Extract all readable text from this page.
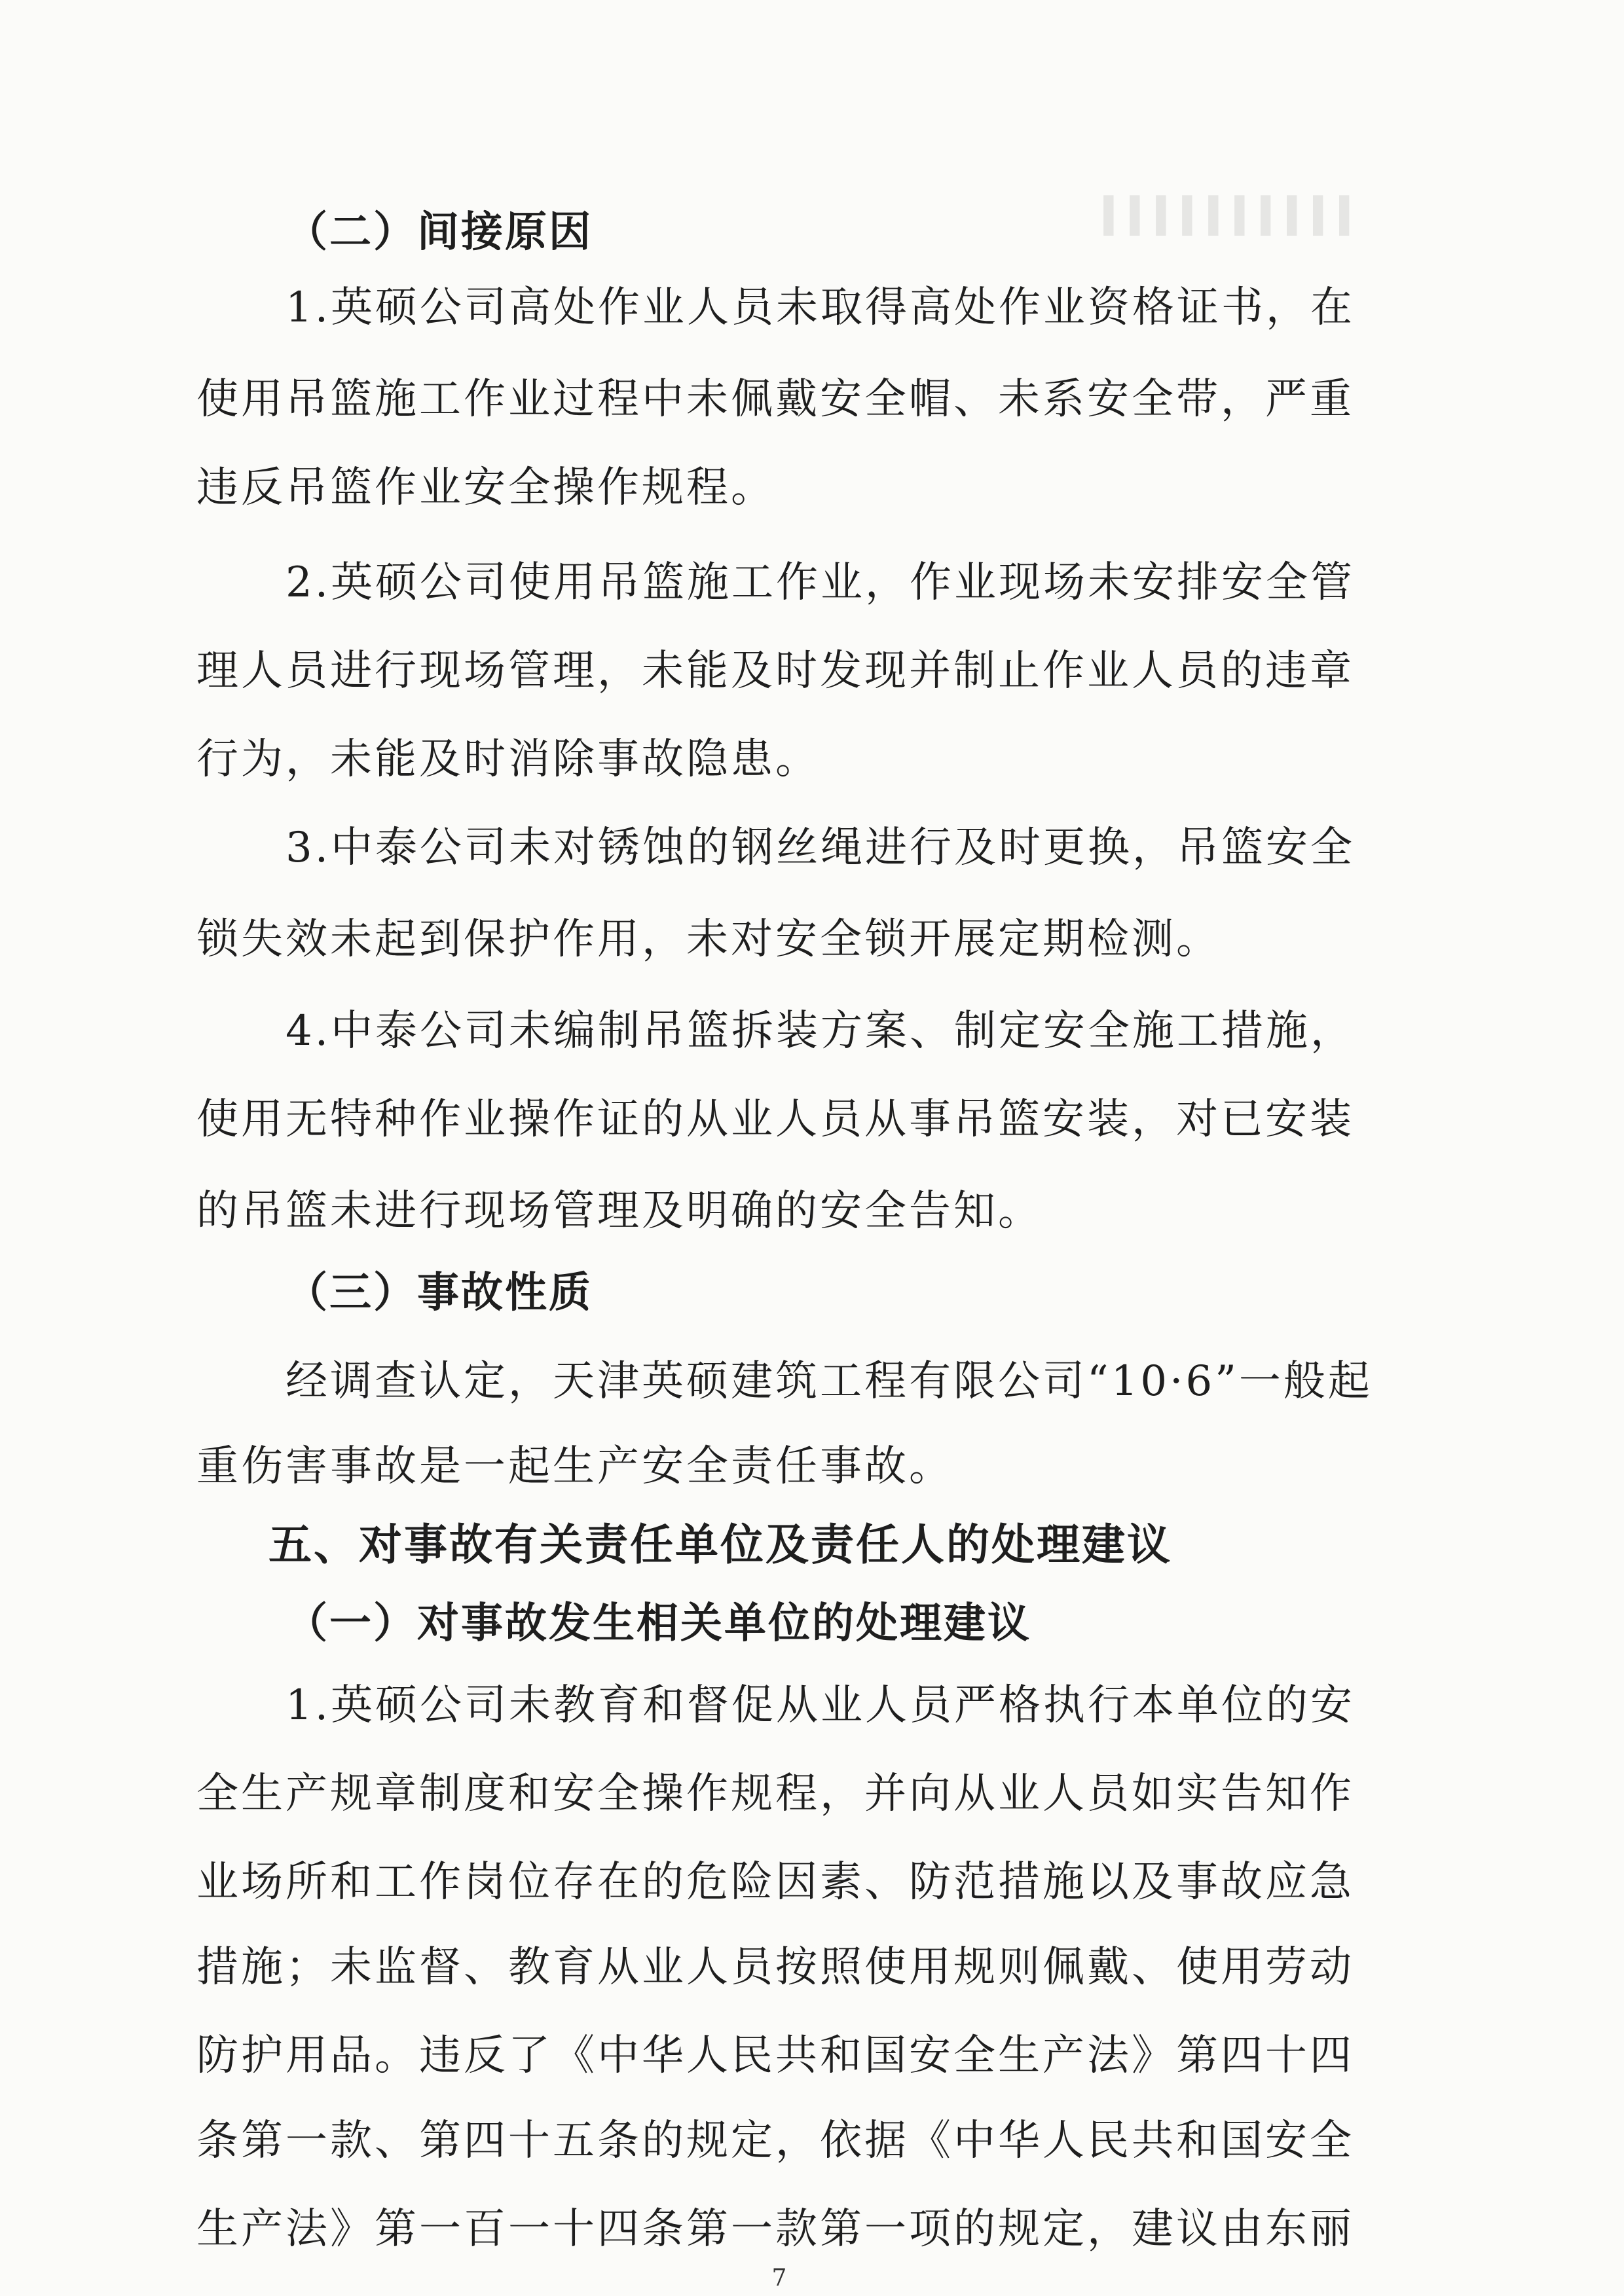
▍▍▍▍▍▍▍▍▍▍
（二）间接原因
1.英硕公司高处作业人员未取得高处作业资格证书，在
使用吊篮施工作业过程中未佩戴安全帽、未系安全带，严重
违反吊篮作业安全操作规程。
2.英硕公司使用吊篮施工作业，作业现场未安排安全管
理人员进行现场管理，未能及时发现并制止作业人员的违章
行为，未能及时消除事故隐患。
3.中泰公司未对锈蚀的钢丝绳进行及时更换，吊篮安全
锁失效未起到保护作用，未对安全锁开展定期检测。
4.中泰公司未编制吊篮拆装方案、制定安全施工措施，
使用无特种作业操作证的从业人员从事吊篮安装，对已安装
的吊篮未进行现场管理及明确的安全告知。
（三）事故性质
经调查认定，天津英硕建筑工程有限公司“10·6”一般起
重伤害事故是一起生产安全责任事故。
五、对事故有关责任单位及责任人的处理建议
（一）对事故发生相关单位的处理建议
1.英硕公司未教育和督促从业人员严格执行本单位的安
全生产规章制度和安全操作规程，并向从业人员如实告知作
业场所和工作岗位存在的危险因素、防范措施以及事故应急
措施；未监督、教育从业人员按照使用规则佩戴、使用劳动
防护用品。违反了《中华人民共和国安全生产法》第四十四
条第一款、第四十五条的规定，依据《中华人民共和国安全
生产法》第一百一十四条第一款第一项的规定，建议由东丽
7
